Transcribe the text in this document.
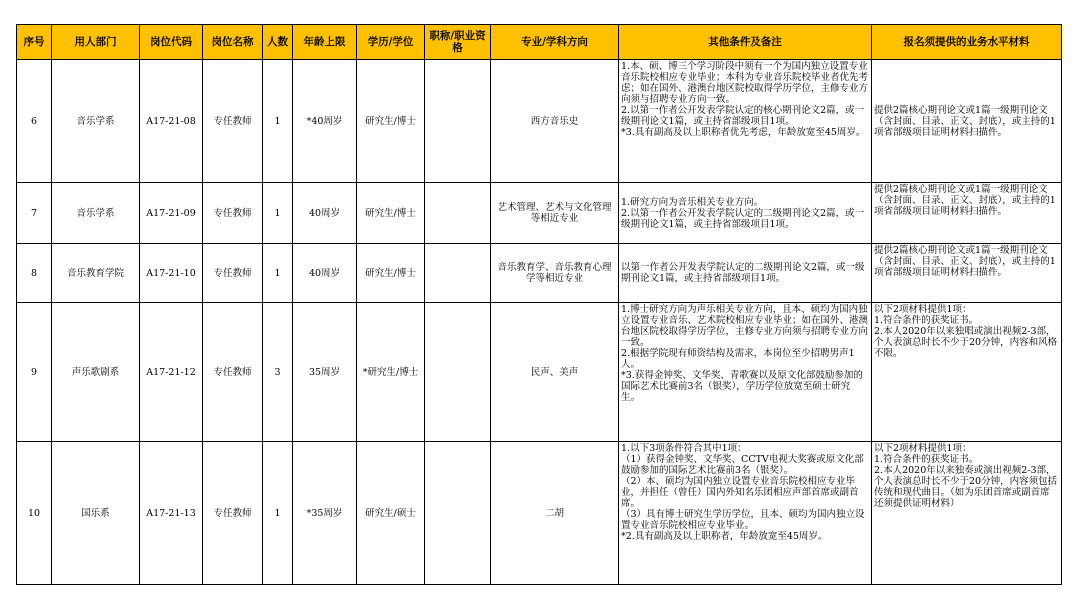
序号	用人部门	岗位代码	岗位名称	人数	年龄上限	学历/学位	职称/职业资格	专业/学科方向	其他条件及备注	报名须提供的业务水平材料
6	音乐学系	A17-21-08	专任教师	1	*40周岁	研究生/博士		西方音乐史	1.本、硕、博三个学习阶段中须有一个为国内独立设置专业音乐院校相应专业毕业；本科为专业音乐院校毕业者优先考虑；如在国外、港澳台地区院校取得学历学位，主修专业方向须与招聘专业方向一致。
2.以第一作者公开发表学院认定的核心期刊论文2篇，或一级期刊论文1篇，或主持省部级项目1项。
*3.具有副高及以上职称者优先考虑，年龄放宽至45周岁。	提供2篇核心期刊论文或1篇一级期刊论文（含封面、目录、正文、封底），或主持的1项省部级项目证明材料扫描件。

7	音乐学系	A17-21-09	专任教师	1	40周岁	研究生/博士		艺术管理、艺术与文化管理等相近专业	1.研究方向为音乐相关专业方向。
2.以第一作者公开发表学院认定的二级期刊论文2篇，或一级期刊论文1篇，或主持省部级项目1项。	提供2篇核心期刊论文或1篇一级期刊论文（含封面、目录、正文、封底），或主持的1项省部级项目证明材料扫描件。

8	音乐教育学院	A17-21-10	专任教师	1	40周岁	研究生/博士		音乐教育学、音乐教育心理学等相近专业	以第一作者公开发表学院认定的二级期刊论文2篇，或一级期刊论文1篇，或主持省部级项目1项。	提供2篇核心期刊论文或1篇一级期刊论文（含封面、目录、正文、封底），或主持的1项省部级项目证明材料扫描件。

9	声乐歌剧系	A17-21-12	专任教师	3	35周岁	*研究生/博士		民声、美声	1.博士研究方向为声乐相关专业方向，且本、硕均为国内独立设置专业音乐、艺术院校相应专业毕业；如在国外、港澳台地区院校取得学历学位，主修专业方向须与招聘专业方向一致。
2.根据学院现有师资结构及需求，本岗位至少招聘男声1人。
*3.获得金钟奖、文华奖、青歌赛以及原文化部鼓励参加的国际艺术比赛前3名（银奖），学历学位放宽至硕士研究生。	以下2项材料提供1项：
1.符合条件的获奖证书。
2.本人2020年以来独唱或演出视频2-3部，个人表演总时长不少于20分钟，内容和风格不限。

10	国乐系	A17-21-13	专任教师	1	*35周岁	研究生/硕士		二胡	1.以下3项条件符合其中1项：
（1）获得金钟奖、文华奖、CCTV电视大奖赛或原文化部鼓励参加的国际艺术比赛前3名（银奖）。
（2）本、硕均为国内独立设置专业音乐院校相应专业毕业，并担任（曾任）国内外知名乐团相应声部首席或副首席。
（3）具有博士研究生学历学位，且本、硕均为国内独立设置专业音乐院校相应专业毕业。
*2.具有副高及以上职称者，年龄放宽至45周岁。	以下2项材料提供1项：
1.符合条件的获奖证书。
2.本人2020年以来独奏或演出视频2-3部，个人表演总时长不少于20分钟，内容须包括传统和现代曲目。（如为乐团首席或副首席还须提供证明材料）
